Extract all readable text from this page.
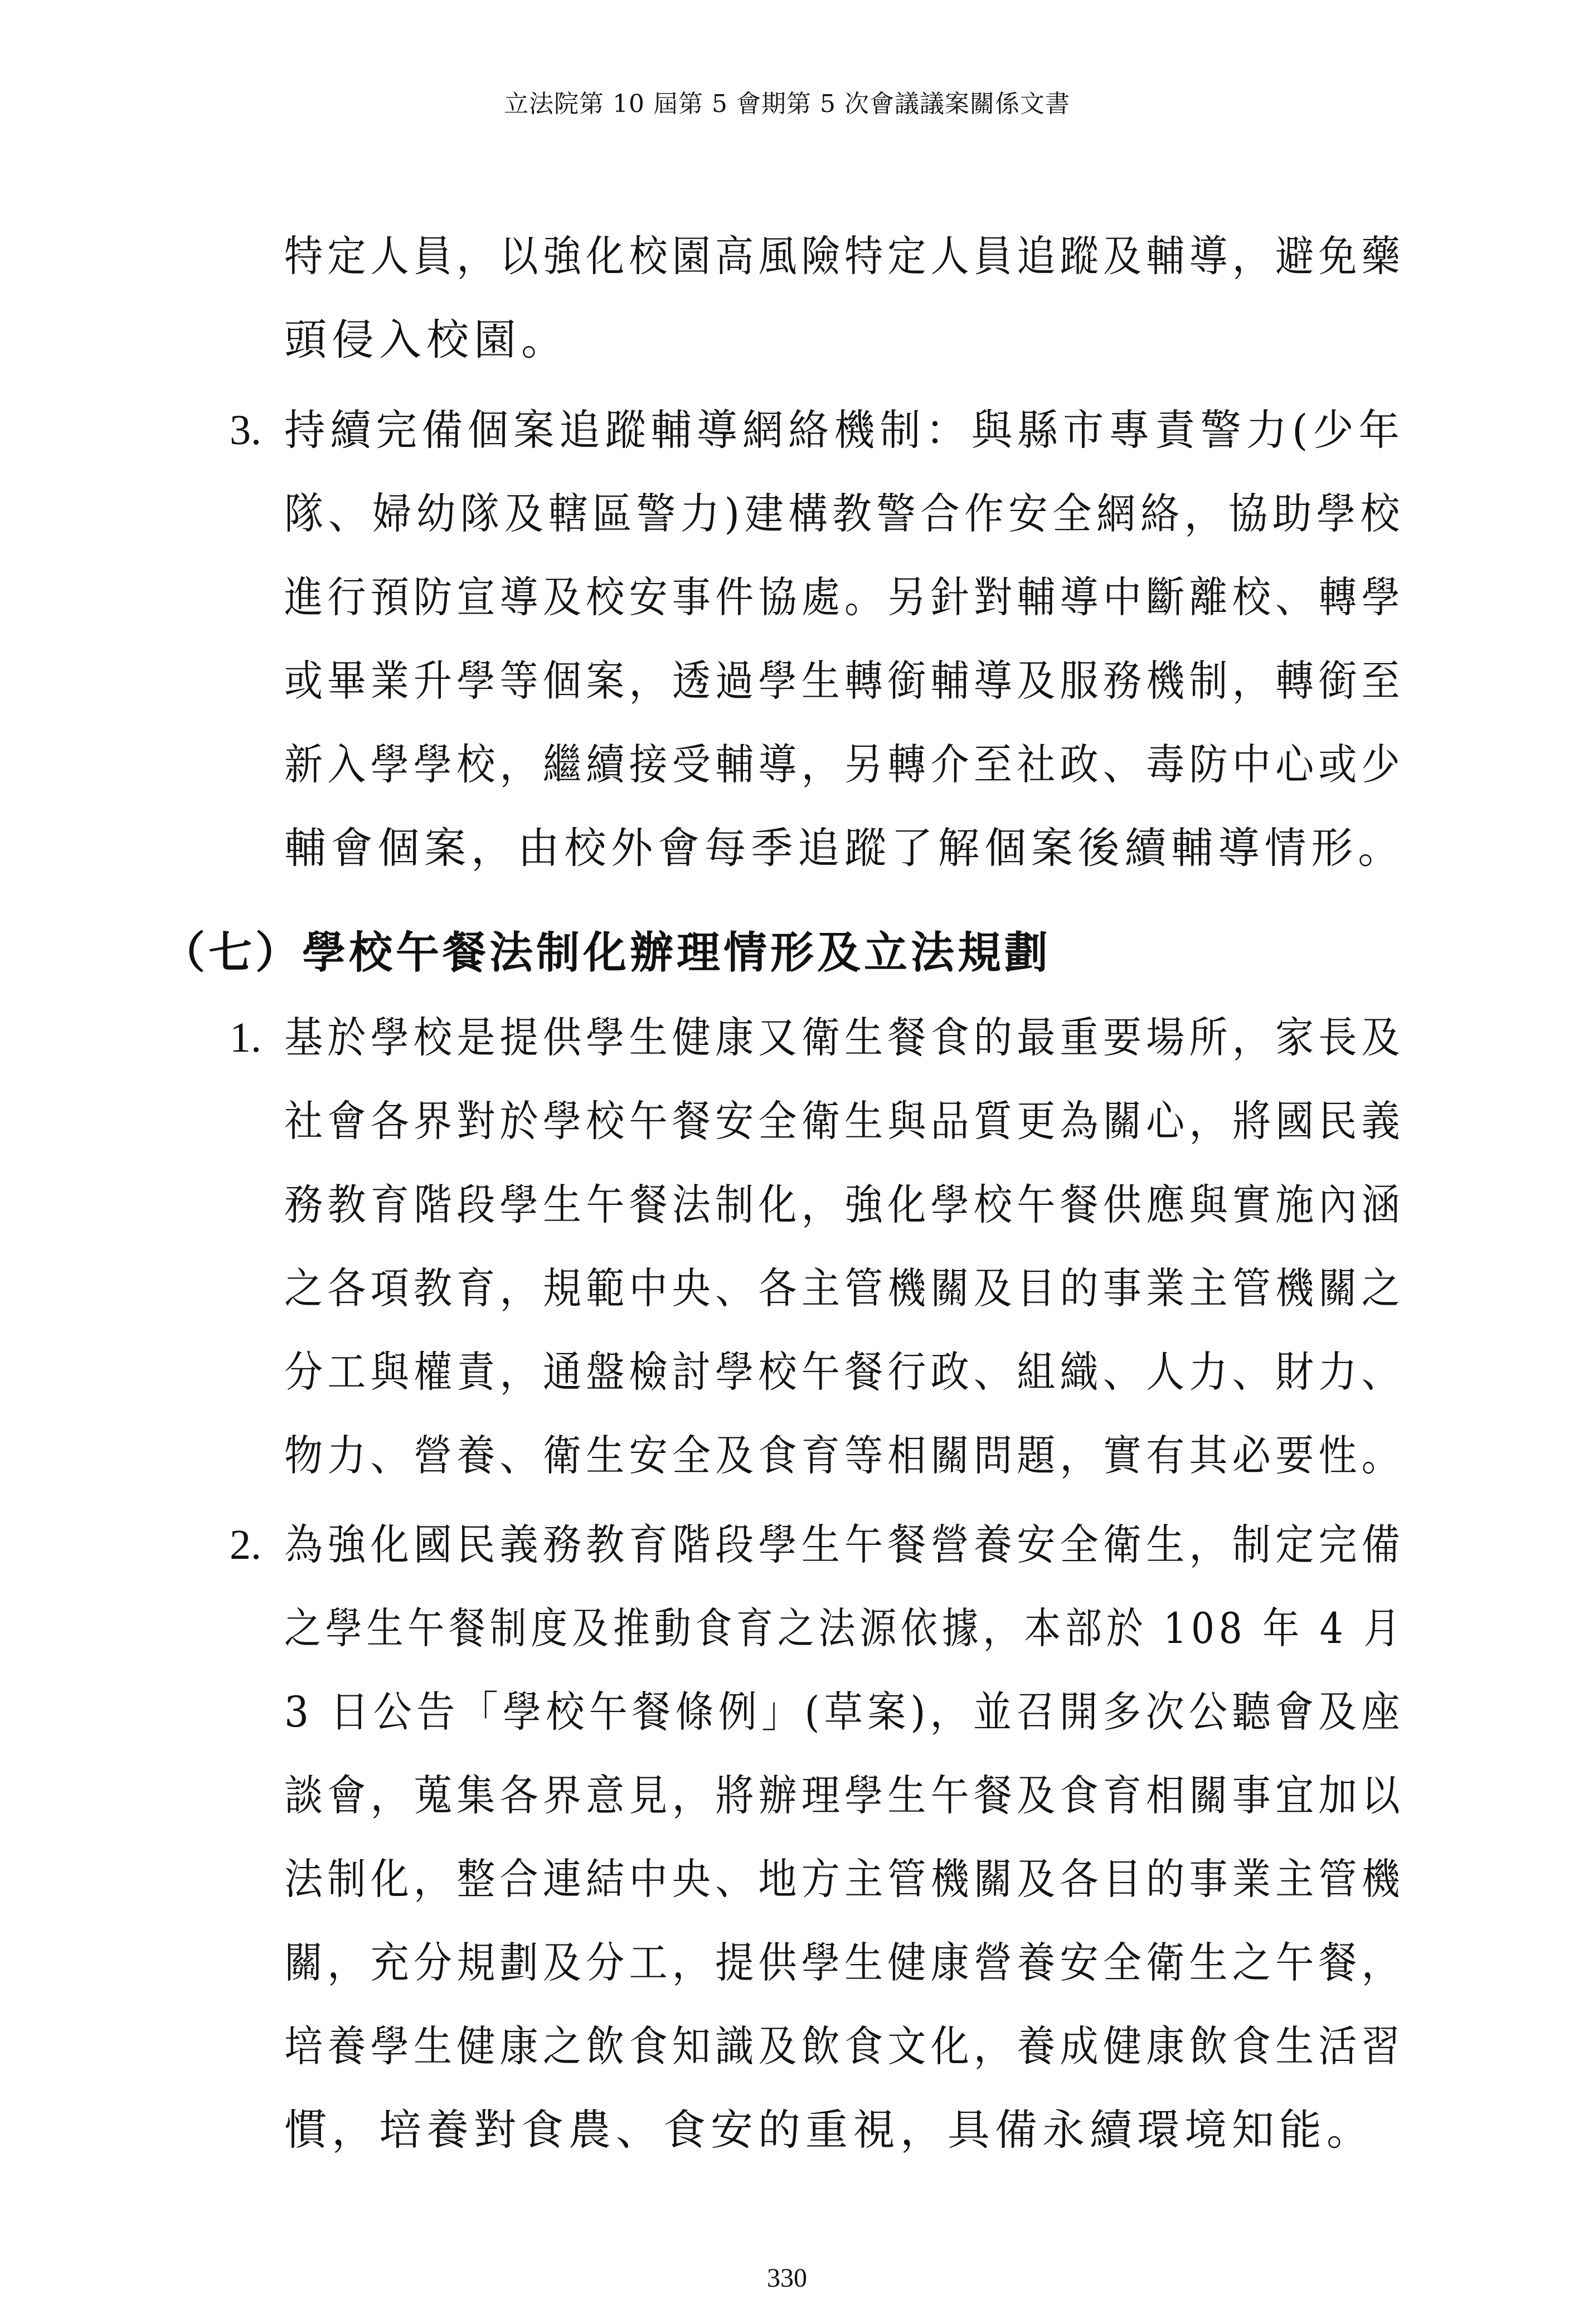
立法院第 10 屆第 5 會期第 5 次會議議案關係文書
特定人員，以強化校園高風險特定人員追蹤及輔導，避免藥
頭侵入校園。
3. 持續完備個案追蹤輔導網絡機制：與縣市專責警力(少年
隊、婦幼隊及轄區警力)建構教警合作安全網絡，協助學校
進行預防宣導及校安事件協處。另針對輔導中斷離校、轉學
或畢業升學等個案，透過學生轉銜輔導及服務機制，轉銜至
新入學學校，繼續接受輔導，另轉介至社政、毒防中心或少
輔會個案，由校外會每季追蹤了解個案後續輔導情形。
（七）學校午餐法制化辦理情形及立法規劃
1. 基於學校是提供學生健康又衛生餐食的最重要場所，家長及
社會各界對於學校午餐安全衛生與品質更為關心，將國民義
務教育階段學生午餐法制化，強化學校午餐供應與實施內涵
之各項教育，規範中央、各主管機關及目的事業主管機關之
分工與權責，通盤檢討學校午餐行政、組織、人力、財力、
物力、營養、衛生安全及食育等相關問題，實有其必要性。
2. 為強化國民義務教育階段學生午餐營養安全衛生，制定完備
之學生午餐制度及推動食育之法源依據，本部於 108 年 4 月
3 日公告「學校午餐條例」(草案)，並召開多次公聽會及座
談會，蒐集各界意見，將辦理學生午餐及食育相關事宜加以
法制化，整合連結中央、地方主管機關及各目的事業主管機
關，充分規劃及分工，提供學生健康營養安全衛生之午餐，
培養學生健康之飲食知識及飲食文化，養成健康飲食生活習
慣，培養對食農、食安的重視，具備永續環境知能。
330
